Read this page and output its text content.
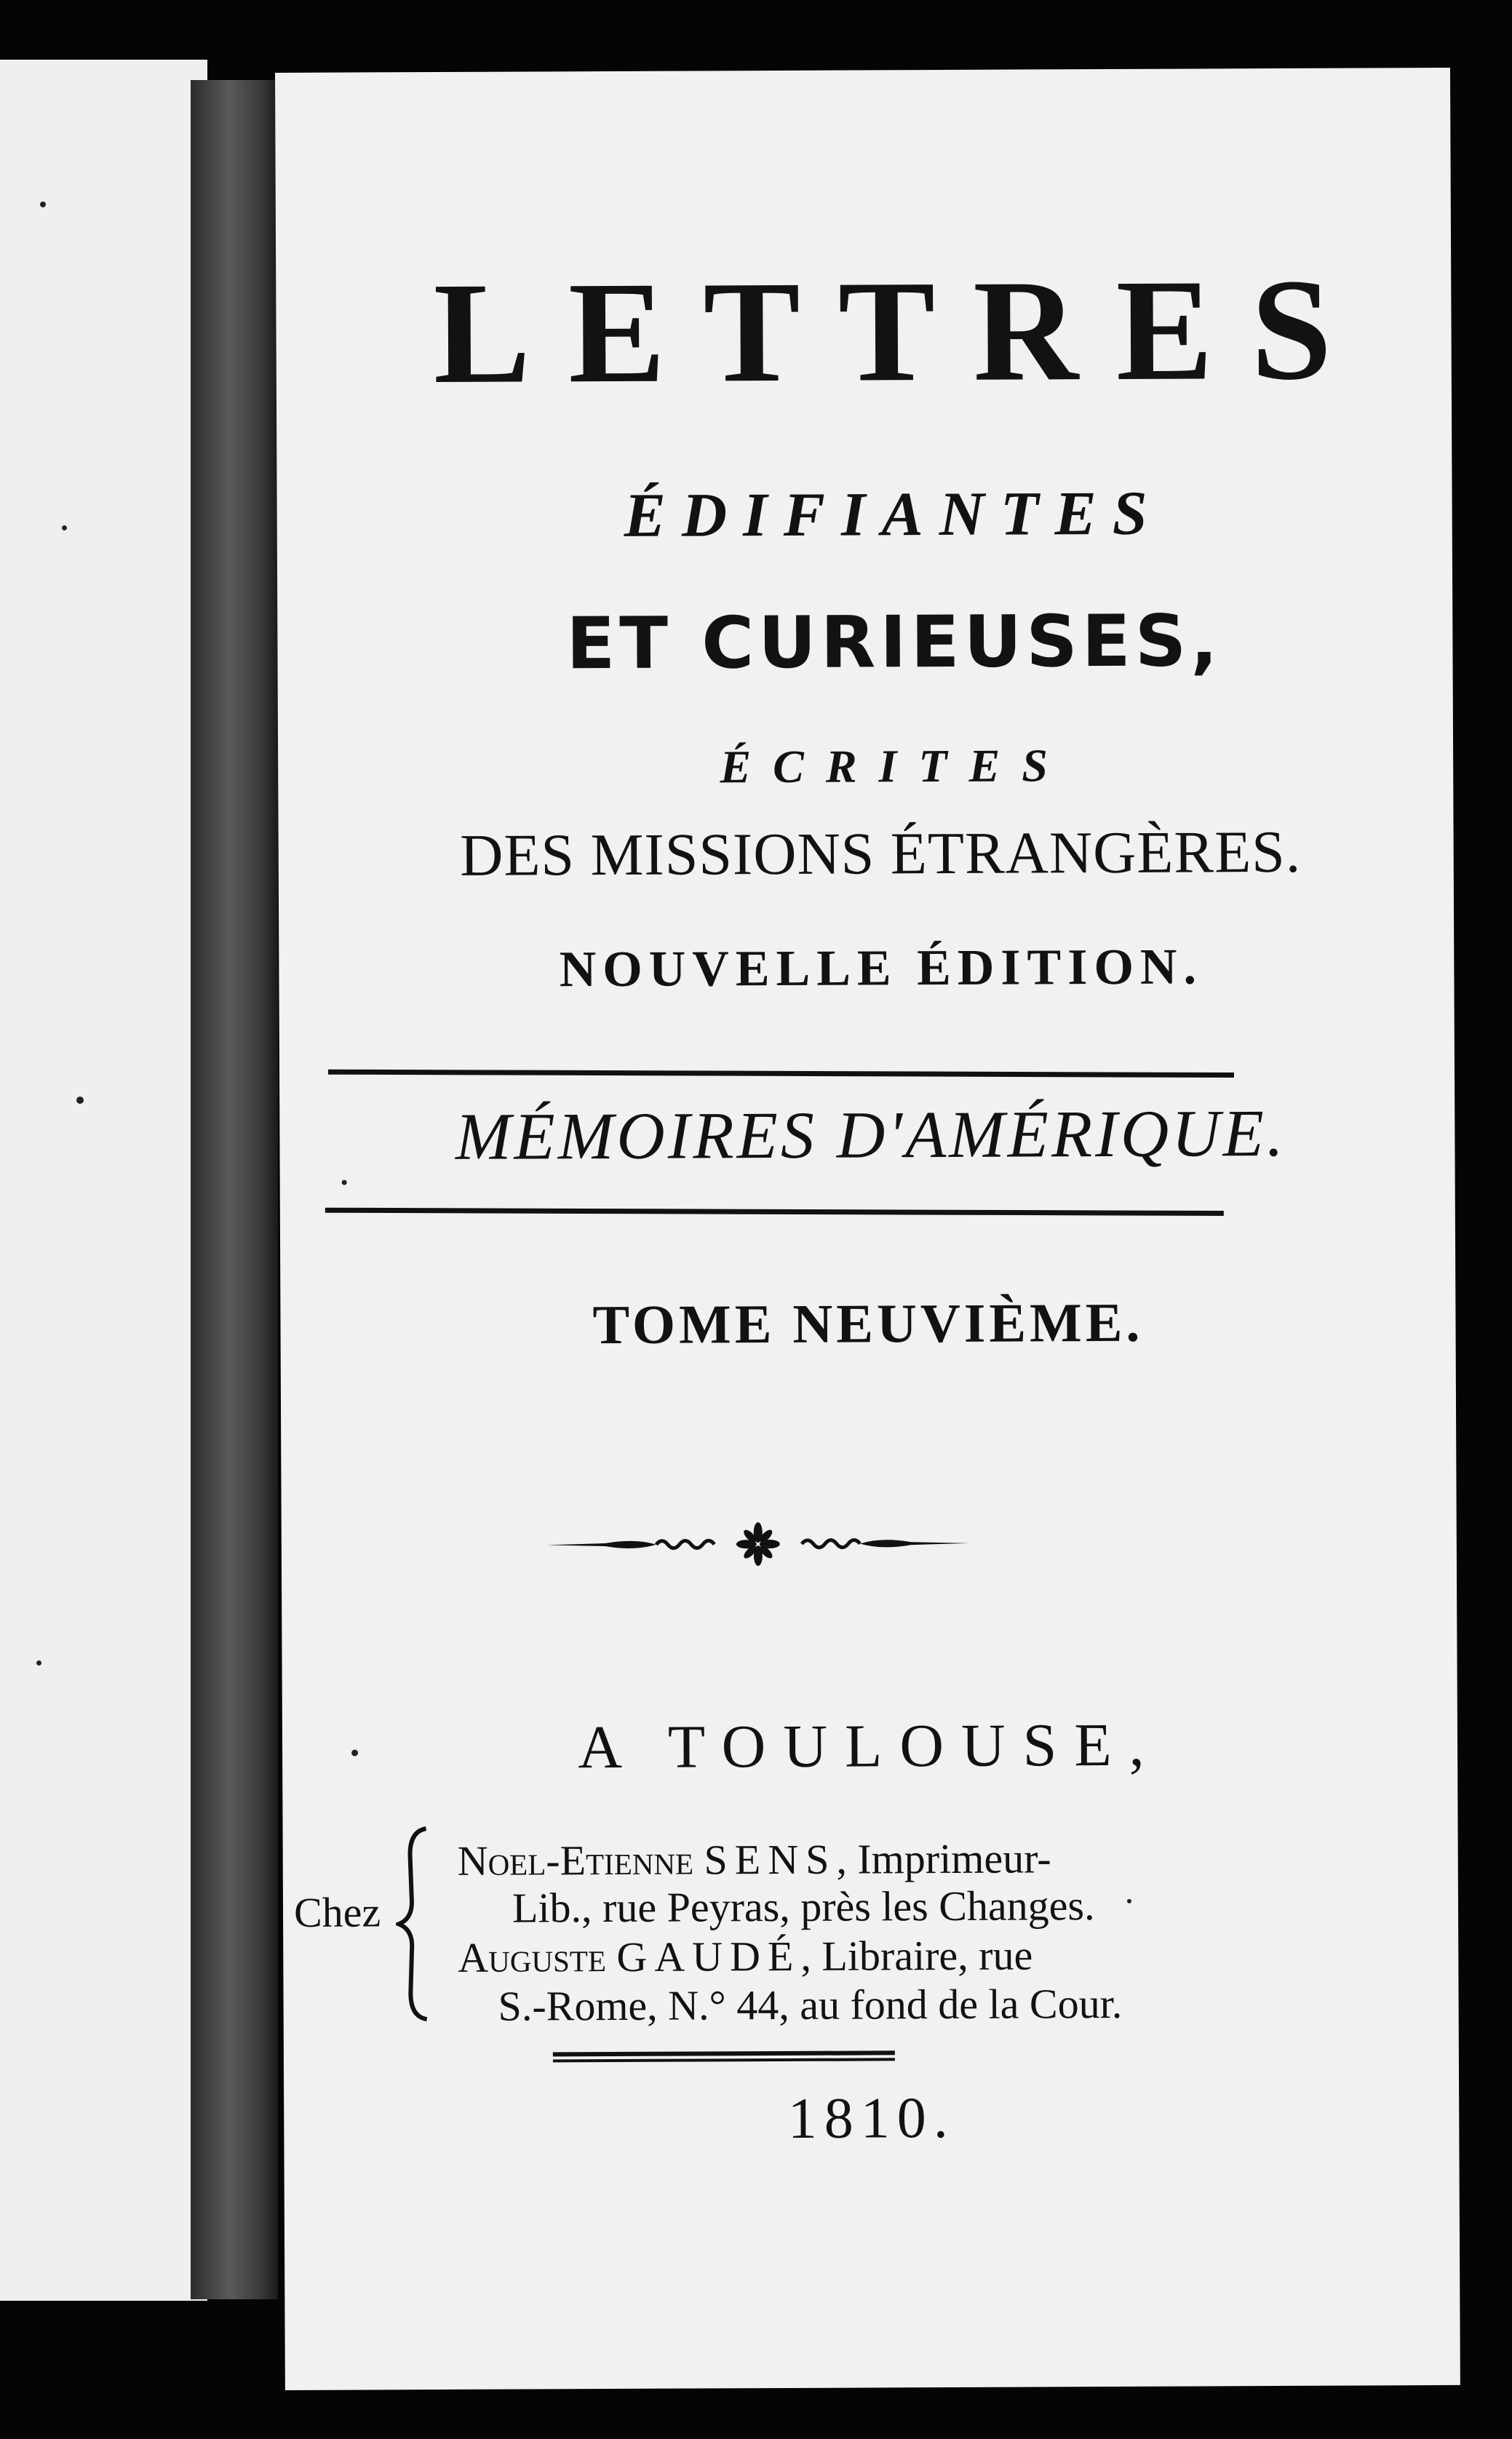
LETTRES
ÉDIFIANTES
ET CURIEUSES,
ÉCRITES
DES MISSIONS ÉTRANGÈRES.
NOUVELLE ÉDITION.
MÉMOIRES D'AMÉRIQUE.
TOME NEUVIÈME.
A TOULOUSE,
Chez
Noel-Etienne SENS, Imprimeur-
Lib., rue Peyras, près les Changes.
Auguste GAUDÉ, Libraire, rue
S.-Rome, N.° 44, au fond de la Cour.
1810.
